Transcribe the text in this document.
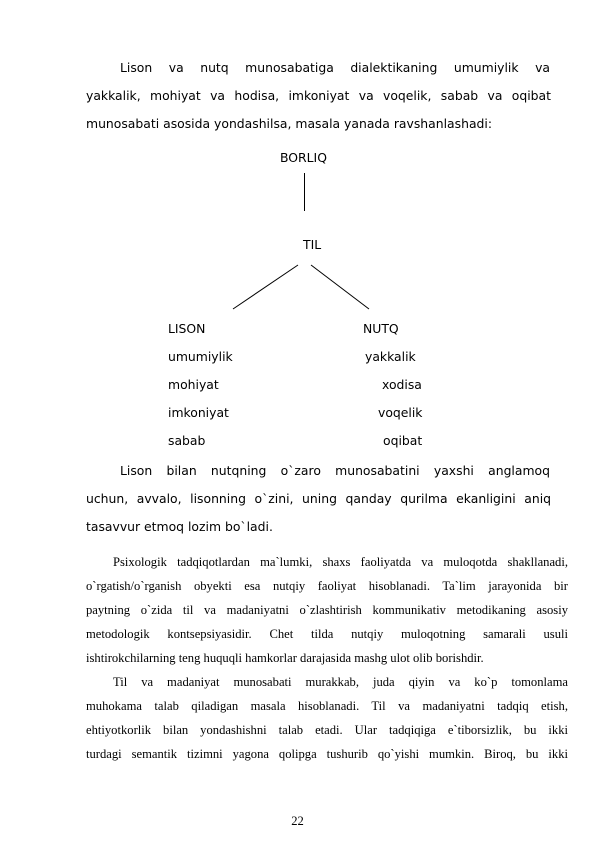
Lison va nutq munosabatiga dialektikaning umumiylik va
yakkalik, mohiyat va hodisa, imkoniyat va voqelik, sabab va oqibat
munosabati asosida yondashilsa, masala yanada ravshanlashadi:
BORLIQ
TIL
LISON
umumiylik
mohiyat
imkoniyat
sabab
NUTQ
yakkalik
xodisa
voqelik
oqibat
Lison bilan nutqning o`zaro munosabatini yaxshi anglamoq
uchun, avvalo, lisonning o`zini, uning qanday qurilma ekanligini aniq
tasavvur etmoq lozim bo`ladi.
Psixologik tadqiqotlardan ma`lumki, shaxs faoliyatda va muloqotda shakllanadi,
o`rgatish/o`rganish obyekti esa nutqiy faoliyat hisoblanadi. Ta`lim jarayonida bir
paytning o`zida til va madaniyatni o`zlashtirish kommunikativ metodikaning asosiy
metodologik kontsepsiyasidir. Chet tilda nutqiy muloqotning samarali usuli
ishtirokchilarning teng huquqli hamkorlar darajasida mashg ulot olib borishdir.
Til va madaniyat munosabati murakkab, juda qiyin va ko`p tomonlama
muhokama talab qiladigan masala hisoblanadi. Til va madaniyatni tadqiq etish,
ehtiyotkorlik bilan yondashishni talab etadi. Ular tadqiqiga e`tiborsizlik, bu ikki
turdagi semantik tizimni yagona qolipga tushurib qo`yishi mumkin. Biroq, bu ikki
22
